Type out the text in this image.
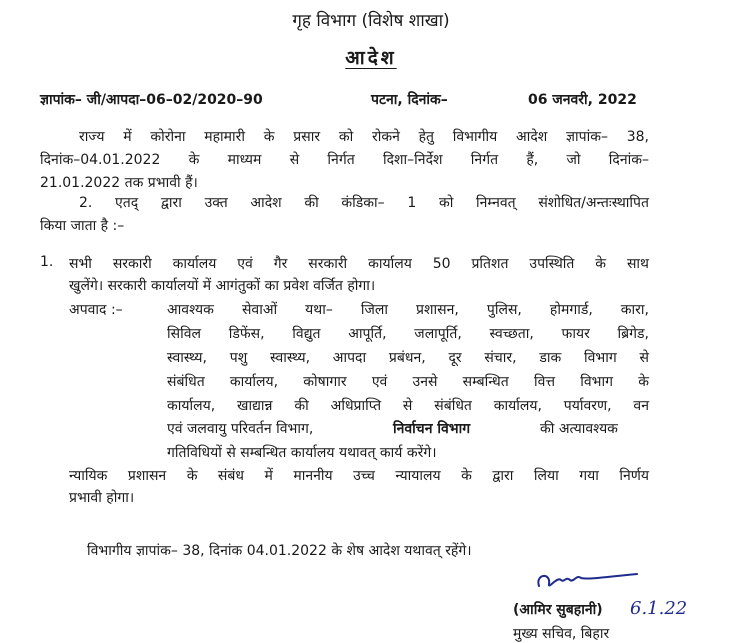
गृह विभाग (विशेष शाखा)
आदेश
ज्ञापांक– जी/आपदा–06–02/2020–90	पटना, दिनांक–	06 जनवरी, 2022
राज्य में कोरोना महामारी के प्रसार को रोकने हेतु विभागीय आदेश ज्ञापांक– 38,
दिनांक–04.01.2022 के माध्यम से निर्गत दिशा–निर्देश निर्गत हैं, जो दिनांक–
21.01.2022 तक प्रभावी हैं।
2. एतद् द्वारा उक्त आदेश की कंडिका– 1 को निम्नवत् संशोधित/अन्तःस्थापित
किया जाता है :–
1. सभी सरकारी कार्यालय एवं गैर सरकारी कार्यालय 50 प्रतिशत उपस्थिति के साथ
खुलेंगे। सरकारी कार्यालयों में आगंतुकों का प्रवेश वर्जित होगा।
अपवाद :–	आवश्यक सेवाओं यथा– जिला प्रशासन, पुलिस, होमगार्ड, कारा,
सिविल डिफेंस, विद्युत आपूर्ति, जलापूर्ति, स्वच्छता, फायर ब्रिगेड,
स्वास्थ्य, पशु स्वास्थ्य, आपदा प्रबंधन, दूर संचार, डाक विभाग से
संबंधित कार्यालय, कोषागार एवं उनसे सम्बन्धित वित्त विभाग के
कार्यालय, खाद्यान्न की अधिप्राप्ति से संबंधित कार्यालय, पर्यावरण, वन
एवं जलवायु परिवर्तन विभाग,	निर्वाचन विभाग	की अत्यावश्यक
गतिविधियों से सम्बन्धित कार्यालय यथावत् कार्य करेंगे।
न्यायिक प्रशासन के संबंध में माननीय उच्च न्यायालय के द्वारा लिया गया निर्णय
प्रभावी होगा।
विभागीय ज्ञापांक– 38, दिनांक 04.01.2022 के शेष आदेश यथावत् रहेंगे।
(आमिर सुबहानी) 6.1.22
मुख्य सचिव, बिहार
